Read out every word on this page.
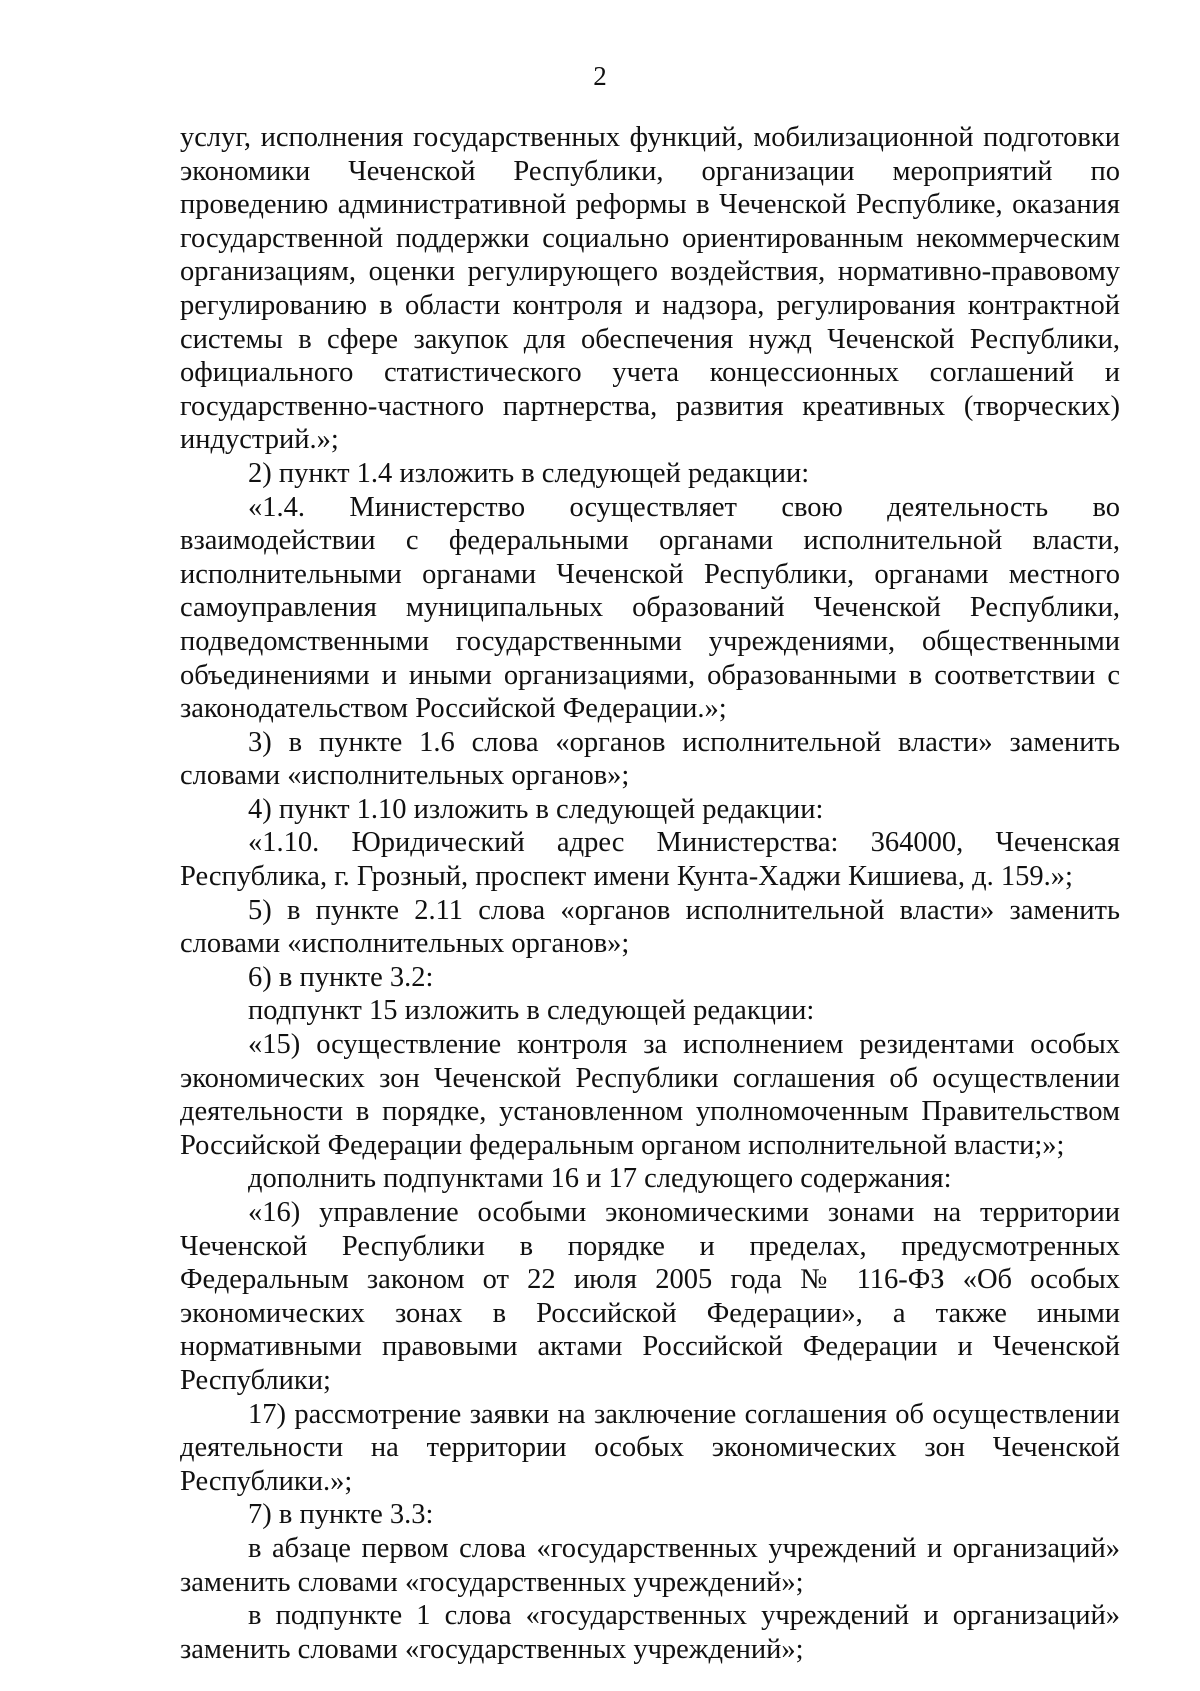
2

услуг, исполнения государственных функций, мобилизационной подготовки экономики Чеченской Республики, организации мероприятий по проведению административной реформы в Чеченской Республике, оказания государственной поддержки социально ориентированным некоммерческим организациям, оценки регулирующего воздействия, нормативно-правовому регулированию в области контроля и надзора, регулирования контрактной системы в сфере закупок для обеспечения нужд Чеченской Республики, официального статистического учета концессионных соглашений и государственно-частного партнерства, развития креативных (творческих) индустрий.»;

2) пункт 1.4 изложить в следующей редакции:

«1.4. Министерство осуществляет свою деятельность во взаимодействии с федеральными органами исполнительной власти, исполнительными органами Чеченской Республики, органами местного самоуправления муниципальных образований Чеченской Республики, подведомственными государственными учреждениями, общественными объединениями и иными организациями, образованными в соответствии с законодательством Российской Федерации.»;

3) в пункте 1.6 слова «органов исполнительной власти» заменить словами «исполнительных органов»;

4) пункт 1.10 изложить в следующей редакции:

«1.10. Юридический адрес Министерства: 364000, Чеченская Республика, г. Грозный, проспект имени Кунта-Хаджи Кишиева, д. 159.»;

5) в пункте 2.11 слова «органов исполнительной власти» заменить словами «исполнительных органов»;

6) в пункте 3.2:

подпункт 15 изложить в следующей редакции:

«15) осуществление контроля за исполнением резидентами особых экономических зон Чеченской Республики соглашения об осуществлении деятельности в порядке, установленном уполномоченным Правительством Российской Федерации федеральным органом исполнительной власти;»;

дополнить подпунктами 16 и 17 следующего содержания:

«16) управление особыми экономическими зонами на территории Чеченской Республики в порядке и пределах, предусмотренных Федеральным законом от 22 июля 2005 года № 116-ФЗ «Об особых экономических зонах в Российской Федерации», а также иными нормативными правовыми актами Российской Федерации и Чеченской Республики;

17) рассмотрение заявки на заключение соглашения об осуществлении деятельности на территории особых экономических зон Чеченской Республики.»;

7) в пункте 3.3:

в абзаце первом слова «государственных учреждений и организаций» заменить словами «государственных учреждений»;

в подпункте 1 слова «государственных учреждений и организаций» заменить словами «государственных учреждений»;
